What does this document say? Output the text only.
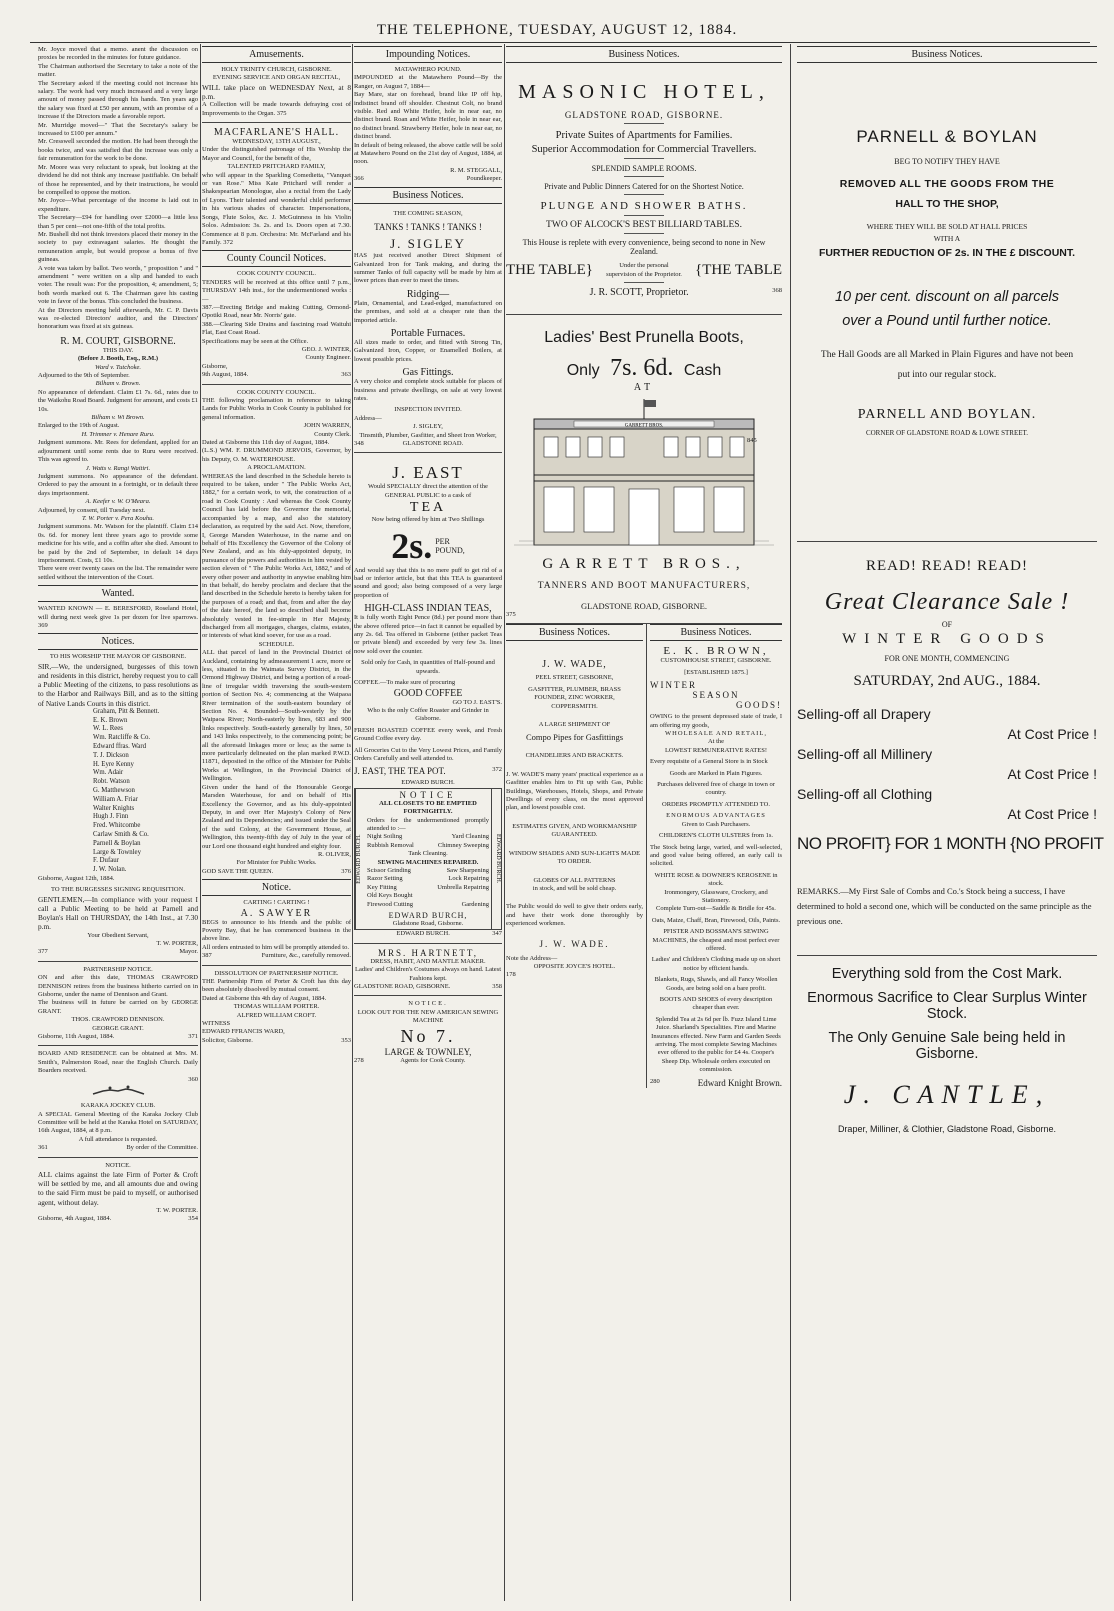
THE TELEPHONE, TUESDAY, AUGUST 12, 1884.

Mr. Joyce moved that a memo. anent the discussion on proxies be recorded in the minutes for future guidance.

The Chairman authorised the Secretary to take a note of the matter.

The Secretary asked if the meeting could not increase his salary. The work had very much increased and a very large amount of money passed through his hands. Ten years ago the salary was fixed at £50 per annum, with an promise of a increase if the Directors made a favorable report.

Mr. Murridge moved—" That the Secretary's salary be increased to £100 per annum."

Mr. Cresswell seconded the motion. He had been through the books twice, and was satisfied that the increase was only a fair remuneration for the work to be done.

Mr. Moore was very reluctant to speak, but looking at the dividend he did not think any increase justifiable. On behalf of those he represented, and by their instructions, he would be compelled to oppose the motion.

Mr. Joyce—What percentage of the income is laid out in expenditure.

The Secretary—£94 for handling over £2000—a little less than 5 per cent—not one-fifth of the total profits.

Mr. Bushell did not think investors placed their money in the society to pay extravagant salaries. He thought the remuneration ample, but would propose a bonus of five guineas.

A vote was taken by ballot. Two words, " proposition " and " amendment " were written on a slip and handed to each voter. The result was: For the proposition, 4; amendment, 5; both words marked out 6. The Chairman gave his casting vote in favor of the bonus. This concluded the business.

At the Directors meeting held afterwards, Mr. C. P. Davis was re-elected Directors' auditor, and the Directors' honorarium was fixed at six guineas.

R. M. COURT, GISBORNE.
THIS DAY.
(Before J. Booth, Esq., R.M.)
Ward v. Tutchoke.
Adjourned to the 9th of September.
Bilham v. Brown.
No appearance of defendant. Claim £1 7s. 6d., rates due to the Waikohu Road Board. Judgment for amount, and costs £1 10s.
Bilham v. Wi Brown.
Enlarged to the 19th of August.
H. Trimmer v. Henare Ruru.
Judgment summons. Mr. Rees for defendant, applied for an adjournment until some rents due to Ruru were received. This was agreed to.
J. Watts v. Rangi Waitiri.
Judgment summons. No appearance of the defendant. Ordered to pay the amount in a fortnight, or in default three days imprisonment.
A. Keefer v. W. O'Meara.
Adjourned, by consent, till Tuesday next.
T. W. Porter v. Pera Kouhu.
Judgment summons. Mr. Watson for the plaintiff. Claim £14 0s. 6d. for money lent three years ago to provide some medicine for his wife, and a coffin after she died. Amount to be paid by the 2nd of September, in default 14 days imprisonment. Costs, £1 10s.
There were over twenty cases on the list. The remainder were settled without the intervention of the Court.
Wanted.
WANTED KNOWN — E. BERESFORD, Roseland Hotel, will during next week give 1s per dozen for live sparrows. 369
Notices.
TO HIS WORSHIP THE MAYOR OF GISBORNE.
SIR,—We, the undersigned, burgesses of this town and residents in this district, hereby request you to call a Public Meeting of the citizens, to pass resolutions as to the Harbor and Railways Bill, and as to the sitting of Native Lands Courts in this district.
Graham, Pitt & Bennett.
E. K. Brown
W. L. Rees
Wm. Ratcliffe & Co.
Edward ffras. Ward
T. J. Dickson
H. Eyre Kenny
Wm. Adair
Robt. Watson
G. Matthewson
William A. Friar
Walter Knights
Hugh J. Finn
Fred. Whitcombe
Carlaw Smith & Co.
Parnell & Boylan
Large & Townley
F. Dufaur
J. W. Nolan.
Gisborne, August 12th, 1884.
TO THE BURGESSES SIGNING REQUISITION.
GENTLEMEN,—In compliance with your request I call a Public Meeting to be held at Parnell and Boylan's Hall on THURSDAY, the 14th Inst., at 7.30 p.m.
Your Obedient Servant,
T. W. PORTER,
377	Mayor.
PARTNERSHIP NOTICE.
ON and after this date, THOMAS CRAWFORD DENNISON retires from the business hitherto carried on in Gisborne, under the name of Dennison and Grant.
The business will in future be carried on by GEORGE GRANT.
THOS. CRAWFORD DENNISON.
GEORGE GRANT.
Gisborne, 11th August, 1884.	371
BOARD AND RESIDENCE can be obtained at Mrs. M. Smith's, Palmerston Road, near the English Church. Daily Boarders received.
360
KARAKA JOCKEY CLUB.
A SPECIAL General Meeting of the Karaka Jockey Club Committee will be held at the Karaka Hotel on SATURDAY, 16th August, 1884, at 8 p.m.
A full attendance is requested.
361	By order of the Committee.
NOTICE.
ALL claims against the late Firm of Porter & Croft will be settled by me, and all amounts due and owing to the said Firm must be paid to myself, or authorised agent, without delay.
T. W. PORTER.
Gisborne, 4th August, 1884.	354
Amusements.
HOLY TRINITY CHURCH, GISBORNE.
EVENING SERVICE AND ORGAN RECITAL,
WILL take place on WEDNESDAY Next, at 8 p.m.
A Collection will be made towards defraying cost of Improvements to the Organ. 375
MACFARLANE'S HALL.
WEDNESDAY, 13TH AUGUST.,
Under the distinguished patronage of His Worship the Mayor and Council, for the benefit of the,
TALENTED PRITCHARD FAMILY,
who will appear in the Sparkling Comedietta, "Vanquet or van Rose." Miss Kate Pritchard will render a Shakespearian Monologue, also a recital from the Lady of Lyons. Their talented and wonderful child performer in his various shades of character. Impersonations, Songs, Flute Solos, &c. J. McGuinness in his Violin Solos. Admission: 3s. 2s. and 1s. Doors open at 7.30. Commence at 8 p.m. Orchestra: Mr. McFarland and his Family. 372
County Council Notices.
COOK COUNTY COUNCIL.
TENDERS will be received at this office until 7 p.m., THURSDAY 14th inst., for the undermentioned works :—
387.—Erecting Bridge and making Cutting, Ormond-Opotiki Road, near Mr. Norris' gate.
388.—Clearing Side Drains and fascining road Waituhi Flat, East Coast Road.
Specifications may be seen at the Office.
GEO. J. WINTER,
County Engineer.
Gisborne,
9th August, 1884.	363
COOK COUNTY COUNCIL.
THE following proclamation in reference to taking Lands for Public Works in Cook County is published for general information.
JOHN WARREN,
County Clerk.
Dated at Gisborne this 11th day of August, 1884.
(L.S.) WM. F. DRUMMOND JERVOIS, Governor, by his Deputy, O. M. WATERHOUSE.
A PROCLAMATION.
WHEREAS the land described in the Schedule hereto is required to be taken, under " The Public Works Act, 1882," for a certain work, to wit, the construction of a road in Cook County : And whereas the Cook County Council has laid before the Governor the memorial, accompanied by a map, and also the statutory declaration, as required by the said Act. Now, therefore, I, George Marsden Waterhouse, in the name and on behalf of His Excellency the Governor of the Colony of New Zealand, and as his duly-appointed deputy, in pursuance of the powers and authorities in him vested by section eleven of " The Public Works Act, 1882," and of every other power and authority in anywise enabling him in that behalf, do hereby proclaim and declare that the land described in the Schedule hereto is hereby taken for the purposes of a road; and that, from and after the day of the date hereof, the land so described shall become absolutely vested in fee-simple in Her Majesty, discharged from all mortgages, charges, claims, estates, or interests of what kind soever, for use as a road.
SCHEDULE.
ALL that parcel of land in the Provincial District of Auckland, containing by admeasurement 1 acre, more or less, situated in the Waimata Survey District, in the Ormond Highway District, and being a portion of a road-line of irregular width traversing the south-western portion of Section No. 4; commencing at the Waipaoa River termination of the south-eastern boundary of Section No. 4. Bounded—South-westerly by the Waipaoa River; North-easterly by lines, 683 and 900 links respectively. South-easterly generally by lines, 50 and 143 links respectively, to the commencing point; be all the aforesaid linkages more or less; as the same is more particularly delineated on the plan marked P.W.D. 11871, deposited in the office of the Minister for Public Works at Wellington, in the Provincial District of Wellington.
Given under the hand of the Honourable George Marsden Waterhouse, for and on behalf of His Excellency the Governor, and as his duly-appointed Deputy, in and over Her Majesty's Colony of New Zealand and its Dependencies; and issued under the Seal of the said Colony, at the Government House, at Wellington, this twenty-fifth day of July in the year of our Lord one thousand eight hundred and eighty four.
R. OLIVER,
For Minister for Public Works.
GOD SAVE THE QUEEN.	376
Notice.
CARTING ! CARTING !
A. SAWYER
BEGS to announce to his friends and the public of Poverty Bay, that he has commenced business in the above line.
All orders entrusted to him will be promptly attended to.
387	Furniture, &c., carefully removed.
DISSOLUTION OF PARTNERSHIP NOTICE.
THE Partnership Firm of Porter & Croft has this day been absolutely dissolved by mutual consent.
Dated at Gisborne this 4th day of August, 1884.
THOMAS WILLIAM PORTER.
ALFRED WILLIAM CROFT.
WITNESS
EDWARD FFRANCIS WARD,
Solicitor, Gisborne.	353
Impounding Notices.
MATAWHERO POUND.
IMPOUNDED at the Matawhero Pound—By the Ranger, on August 7, 1884—
Bay Mare, star on forehead, brand like IP off hip, indistinct brand off shoulder. Chestnut Colt, no brand visible. Red and White Heifer, hole in near ear, no distinct brand. Roan and White Heifer, hole in near ear, no distinct brand. Strawberry Heifer, hole in near ear, no distinct brand.
In default of being released, the above cattle will be sold at Matawhero Pound on the 21st day of August, 1884, at noon.
R. M. STEGGALL,
366	Poundkeeper.
Business Notices.
THE COMING SEASON,
TANKS ! TANKS ! TANKS !
J. SIGLEY
HAS just received another Direct Shipment of Galvanized Iron for Tank making, and during the summer Tanks of full capacity will be made by him at lower prices than ever to meet the times.
Ridging—
Plain, Ornamental, and Lead-edged, manufactured on the premises, and sold at a cheaper rate than the imported article.
Portable Furnaces.
All sizes made to order, and fitted with Strong Tin, Galvanized Iron, Copper, or Enamelled Boilers, at lowest possible prices.
Gas Fittings.
A very choice and complete stock suitable for places of business and private dwellings, on sale at very lowest rates.
INSPECTION INVITED.
Address—
J. SIGLEY,
Tinsmith, Plumber, Gasfitter, and Sheet Iron Worker,
348	GLADSTONE ROAD.
J. EAST
Would SPECIALLY direct the attention of the GENERAL PUBLIC to a cask of
TEA
Now being offered by him at Two Shillings
2s. PER
POUND,
And would say that this is no mere puff to get rid of a bad or inferior article, but that this TEA is guaranteed sound and good; also being composed of a very large proportion of
HIGH-CLASS INDIAN TEAS,
It is fully worth Eight Pence (8d.) per pound more than the above offered price—in fact it cannot be equalled by any 2s. 6d. Tea offered in Gisborne (either packet Teas or private blend) and exceeded by very few 3s. lines now sold over the counter.
Sold only for Cash, in quantities of Half-pound and upwards.
COFFEE.—To make sure of procuring
GOOD COFFEE
GO TO J. EAST'S.
Who is the only Coffee Roaster and Grinder in Gisborne.
FRESH ROASTED COFFEE every week, and Fresh Ground Coffee every day.
All Groceries Cut to the Very Lowest Prices, and Family Orders Carefully and well attended to.
J. EAST, THE TEA POT.	372
EDWARD BURCH.
EDWARD BURCH.
NOTICE
ALL CLOSETS TO BE EMPTIED FORTNIGHTLY.
Orders for the undermentioned promptly attended to :—
Night Soiling	Yard Cleaning
Rubbish Removal	Chimney Sweeping
Tank Cleaning.
SEWING MACHINES REPAIRED.
Scissor Grinding	Saw Sharpening
Razor Setting	Lock Repairing
Key Fitting	Umbrella Repairing
Old Keys Bought
Firewood Cutting	Gardening
EDWARD BURCH,
Gladstone Road, Gisborne.
EDWARD BURCH.
EDWARD BURCH.	347
MRS. HARTNETT,
DRESS, HABIT, AND MANTLE MAKER.
Ladies' and Children's Costumes always on hand. Latest Fashions kept.
GLADSTONE ROAD, GISBORNE.	358
NOTICE.
LOOK OUT FOR THE NEW AMERICAN SEWING MACHINE
No 7.
LARGE & TOWNLEY,
278	Agents for Cook County.
Business Notices.
MASONIC HOTEL,
GLADSTONE ROAD, GISBORNE.
Private Suites of Apartments for Families.
Superior Accommodation for Commercial Travellers.
SPLENDID SAMPLE ROOMS.
Private and Public Dinners Catered for on the Shortest Notice.
PLUNGE AND SHOWER BATHS.
TWO OF ALCOCK'S BEST BILLIARD TABLES.
This House is replete with every convenience, being second to none in New Zealand.
THE TABLE}	Under the personal supervision of the Proprietor. {THE TABLE
J. R. SCOTT, Proprietor.	368
Ladies' Best Prunella Boots,
Only 7s. 6d. Cash
AT
GARRETT BROS.
GARRETT BROS.,
TANNERS AND BOOT MANUFACTURERS,
GLADSTONE ROAD, GISBORNE.
375
Business Notices.
J. W. WADE,
PEEL STREET, GISBORNE,
GASFITTER, PLUMBER, BRASS
FOUNDER, ZINC WORKER,
COPPERSMITH.
A LARGE SHIPMENT OF
Compo Pipes for Gasfittings
CHANDELIERS AND BRACKETS.
J. W. WADE'S many years' practical experience as a Gasfitter enables him to Fit up with Gas, Public Buildings, Warehouses, Hotels, Shops, and Private Dwellings of every class, on the most approved plan, and lowest possible cost.
ESTIMATES GIVEN, AND WORKMANSHIP GUARANTEED.
WINDOW SHADES AND SUN-LIGHTS MADE TO ORDER.
GLOBES OF ALL PATTERNS
in stock, and will be sold cheap.
The Public would do well to give their orders early, and have their work done thoroughly by experienced workmen.
J. W. WADE.
Note the Address—
OPPOSITE JOYCE'S HOTEL.
178
Business Notices.
E. K. BROWN,
CUSTOMHOUSE STREET, GISBORNE.
[ESTABLISHED 1875.]
WINTER
SEASON
GOODS!
OWING to the present depressed state of trade, I am offering my goods,
WHOLESALE AND RETAIL,
At the
LOWEST REMUNERATIVE RATES!
Every requisite of a General Store is in Stock
Goods are Marked in Plain Figures.
Purchases delivered free of charge in town or country.
ORDERS PROMPTLY ATTENDED TO.
ENORMOUS ADVANTAGES
Given to Cash Purchasers.
CHILDREN'S CLOTH ULSTERS from 1s.
The Stock being large, varied, and well-selected, and good value being offered, an early call is solicited.
WHITE ROSE & DOWNER'S KEROSENE in stock.
Ironmongery, Glassware, Crockery, and Stationery.
Complete Turn-out—Saddle & Bridle for 45s.
Oats, Maize, Chaff, Bran, Firewood, Oils, Paints.
PFISTER AND BOSSMAN'S SEWING MACHINES, the cheapest and most perfect ever offered.
Ladies' and Children's Clothing made up on short notice by efficient hands.
Blankets, Rugs, Shawls, and all Fancy Woollen Goods, are being sold on a bare profit.
BOOTS AND SHOES of every description cheaper than ever.
Splendid Tea at 2s 6d per lb. Fuzz Island Lime Juice. Sharland's Specialities. Fire and Marine Insurances effected. New Farm and Garden Seeds arriving. The most complete Sewing Machines ever offered to the public for £4 4s. Cooper's Sheep Dip. Wholesale orders executed on commission.
280	Edward Knight Brown.
Business Notices.
PARNELL & BOYLAN
BEG TO NOTIFY THEY HAVE
REMOVED ALL THE GOODS FROM THE
HALL TO THE SHOP,
WHERE THEY WILL BE SOLD AT HALL PRICES
WITH A
FURTHER REDUCTION OF 2s. IN THE £ DISCOUNT.
10 per cent. discount on all parcels
over a Pound until further notice.
The Hall Goods are all Marked in Plain Figures and have not been put into our regular stock.
PARNELL AND BOYLAN.
CORNER OF GLADSTONE ROAD & LOWE STREET.
845
READ! READ! READ!
Great Clearance Sale !
OF
WINTER GOODS
FOR ONE MONTH, COMMENCING
SATURDAY, 2nd AUG., 1884.
Selling-off all Drapery
At Cost Price !
Selling-off all Millinery
At Cost Price !
Selling-off all Clothing
At Cost Price !
NO PROFIT} FOR 1 MONTH {NO PROFIT
REMARKS.—My First Sale of Combs and Co.'s Stock being a success, I have determined to hold a second one, which will be conducted on the same principle as the previous one.
Everything sold from the Cost Mark.
Enormous Sacrifice to Clear Surplus Winter Stock.
The Only Genuine Sale being held in Gisborne.
J. CANTLE,
Draper, Milliner, & Clothier, Gladstone Road, Gisborne.
